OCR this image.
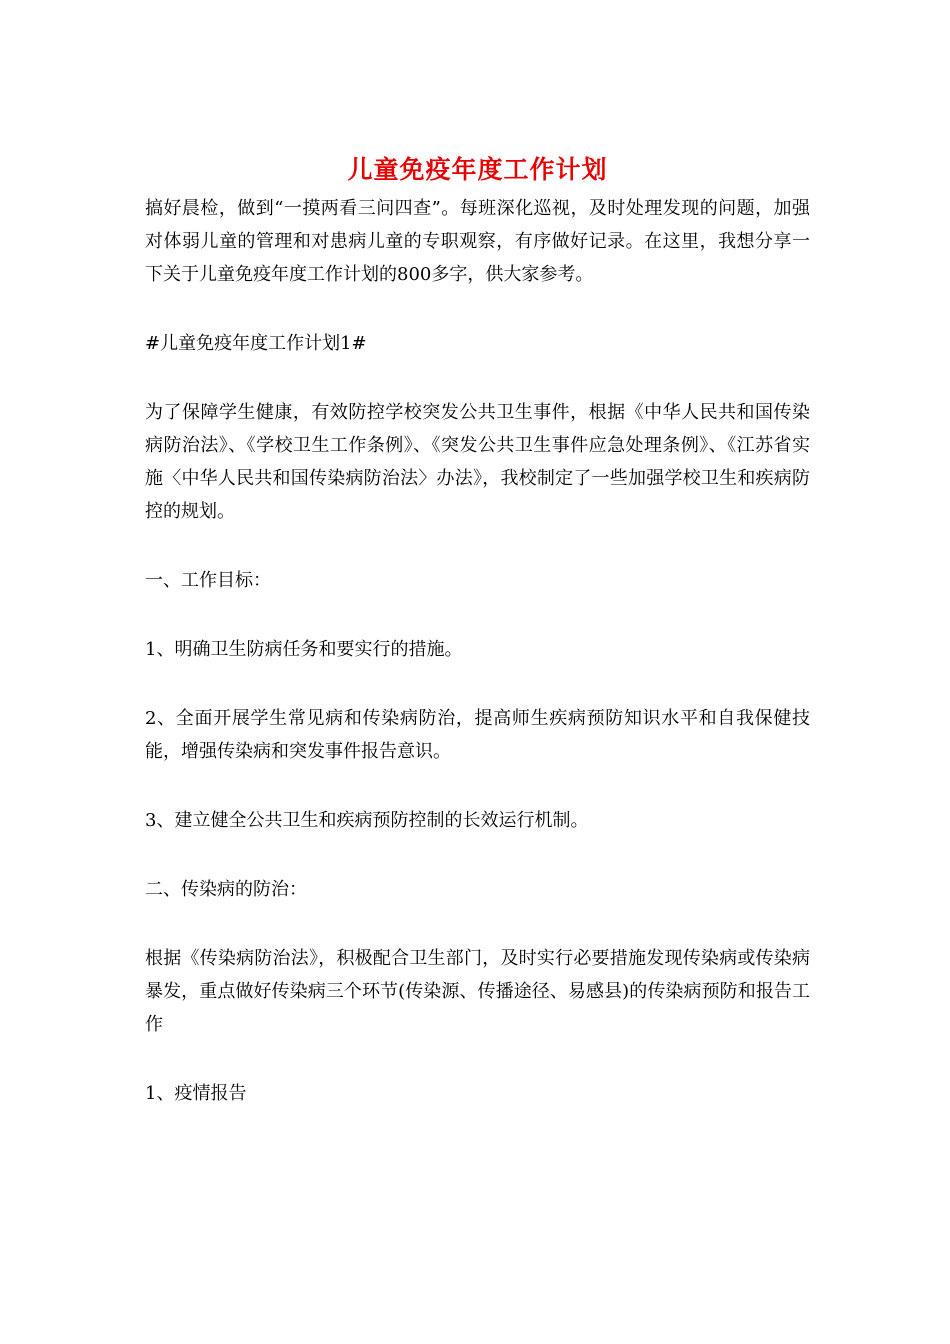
儿童免疫年度工作计划

搞好晨检，做到“一摸两看三问四查”。每班深化巡视，及时处理发现的问题，加强对体弱儿童的管理和对患病儿童的专职观察，有序做好记录。在这里，我想分享一下关于儿童免疫年度工作计划的800多字，供大家参考。

#儿童免疫年度工作计划1#

为了保障学生健康，有效防控学校突发公共卫生事件，根据《中华人民共和国传染病防治法》、《学校卫生工作条例》、《突发公共卫生事件应急处理条例》、《江苏省实施〈中华人民共和国传染病防治法〉办法》，我校制定了一些加强学校卫生和疾病防控的规划。

一、工作目标：

1、明确卫生防病任务和要实行的措施。

2、全面开展学生常见病和传染病防治，提高师生疾病预防知识水平和自我保健技能，增强传染病和突发事件报告意识。

3、建立健全公共卫生和疾病预防控制的长效运行机制。

二、传染病的防治：

根据《传染病防治法》，积极配合卫生部门，及时实行必要措施发现传染病或传染病暴发，重点做好传染病三个环节(传染源、传播途径、易感县)的传染病预防和报告工作

1、疫情报告
